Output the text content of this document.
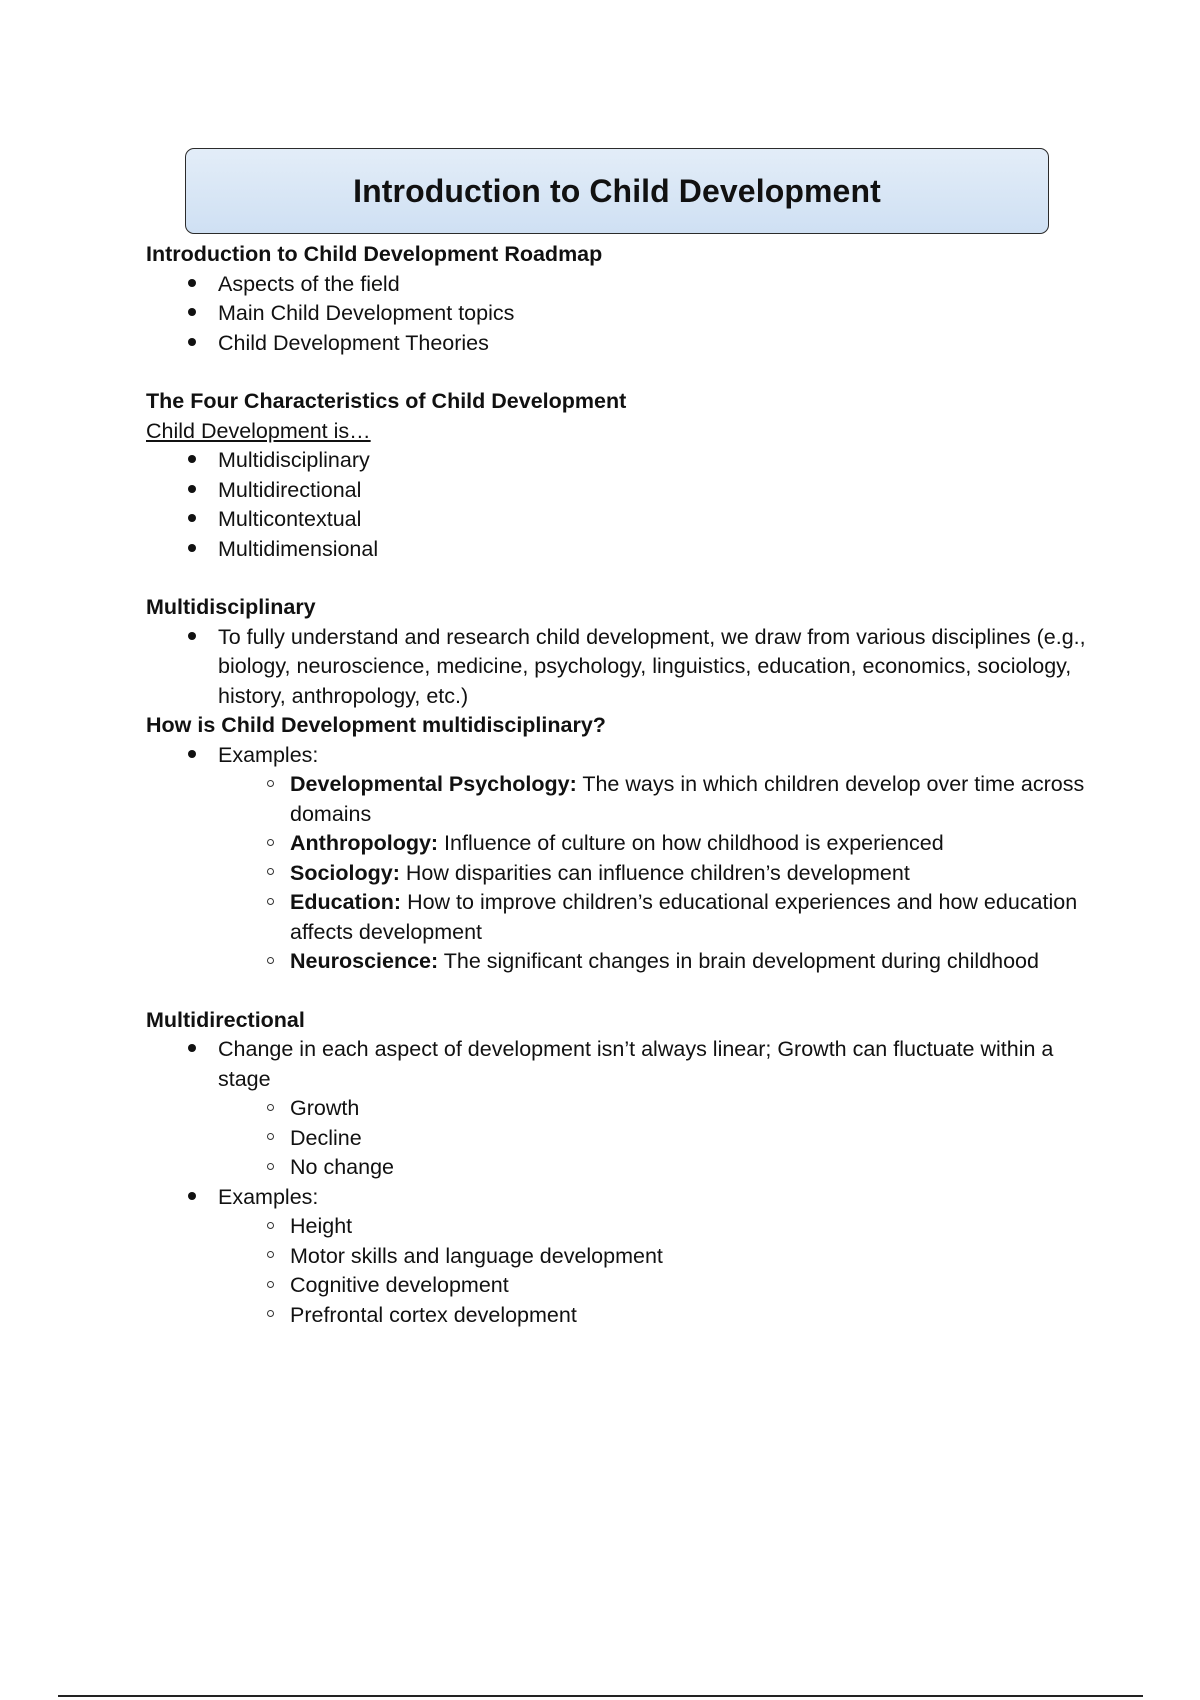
Introduction to Child Development

Introduction to Child Development Roadmap

Aspects of the field
Main Child Development topics
Child Development Theories

The Four Characteristics of Child Development

Child Development is…

Multidisciplinary
Multidirectional
Multicontextual
Multidimensional

Multidisciplinary

To fully understand and research child development, we draw from various disciplines (e.g., biology, neuroscience, medicine, psychology, linguistics, education, economics, sociology, history, anthropology, etc.)

How is Child Development multidisciplinary?

Examples:
Developmental Psychology: The ways in which children develop over time across domains
Anthropology: Influence of culture on how childhood is experienced
Sociology: How disparities can influence children’s development
Education: How to improve children’s educational experiences and how education affects development
Neuroscience: The significant changes in brain development during childhood

Multidirectional

Change in each aspect of development isn’t always linear; Growth can fluctuate within a stage
Growth
Decline
No change
Examples:
Height
Motor skills and language development
Cognitive development
Prefrontal cortex development
